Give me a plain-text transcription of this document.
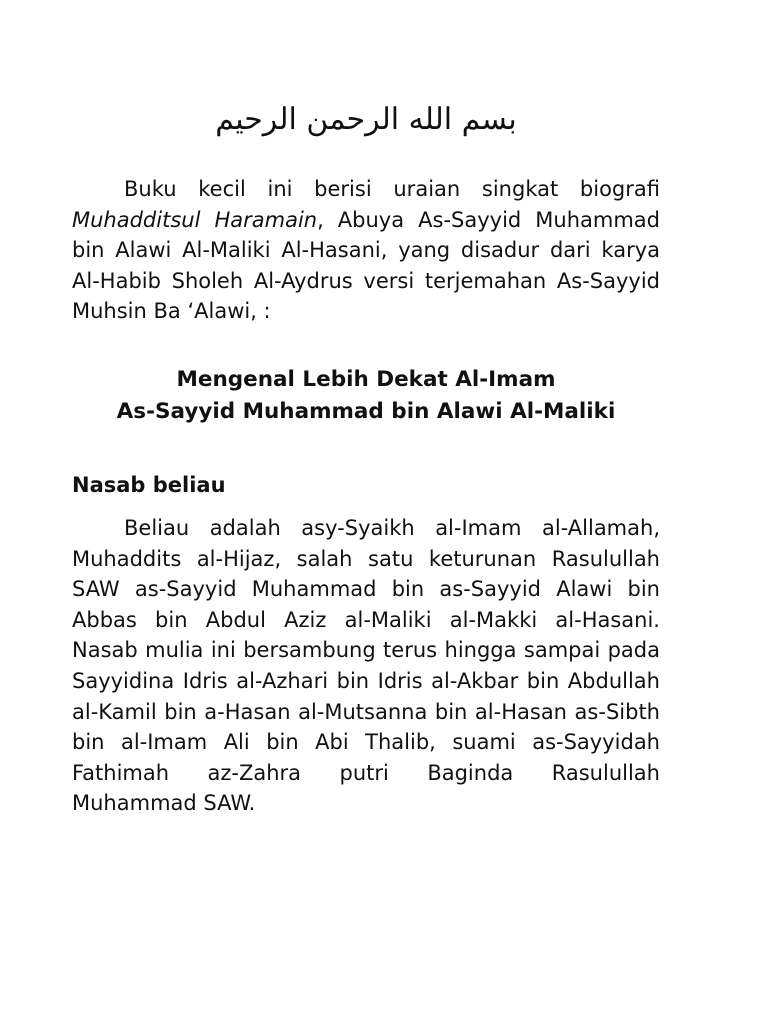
بسم الله الرحمن الرحيم

Buku kecil ini berisi uraian singkat biografi Muhadditsul Haramain, Abuya As-Sayyid Muhammad bin Alawi Al-Maliki Al-Hasani, yang disadur dari karya Al-Habib Sholeh Al-Aydrus versi terjemahan As-Sayyid Muhsin Ba ‘Alawi, :

Mengenal Lebih Dekat Al-Imam
As-Sayyid Muhammad bin Alawi Al-Maliki
Nasab beliau

Beliau adalah asy-Syaikh al-Imam al-Allamah, Muhaddits al-Hijaz, salah satu keturunan Rasulullah SAW as-Sayyid Muhammad bin as-Sayyid Alawi bin Abbas bin Abdul Aziz al-Maliki al-Makki al-Hasani. Nasab mulia ini bersambung terus hingga sampai pada Sayyidina Idris al-Azhari bin Idris al-Akbar bin Abdullah al-Kamil bin a-Hasan al-Mutsanna bin al-Hasan as-Sibth bin al-Imam Ali bin Abi Thalib, suami as-Sayyidah Fathimah az-Zahra putri Baginda Rasulullah Muhammad SAW.
